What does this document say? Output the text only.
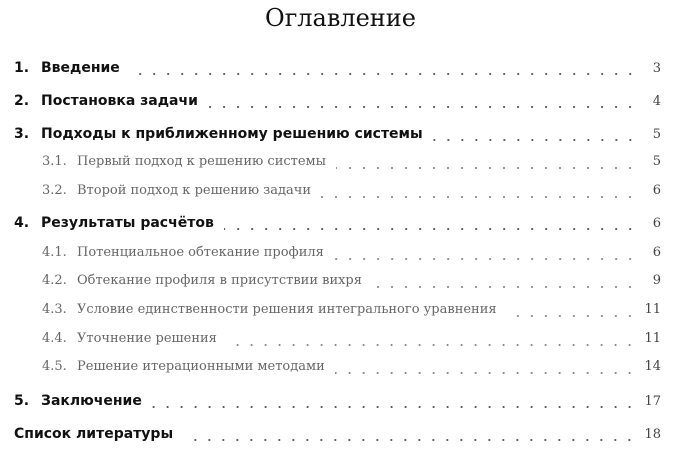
Оглавление
1. Введение	3
2. Постановка задачи	4
3. Подходы к приближенному решению системы	5
3.1. Первый подход к решению системы	5
3.2. Второй подход к решению задачи	6
4. Результаты расчётов	6
4.1. Потенциальное обтекание профиля	6
4.2. Обтекание профиля в присутствии вихря	9
4.3. Условие единственности решения интегрального уравнения	11
4.4. Уточнение решения	11
4.5. Решение итерационными методами	14
5. Заключение	17
Список литературы	18
